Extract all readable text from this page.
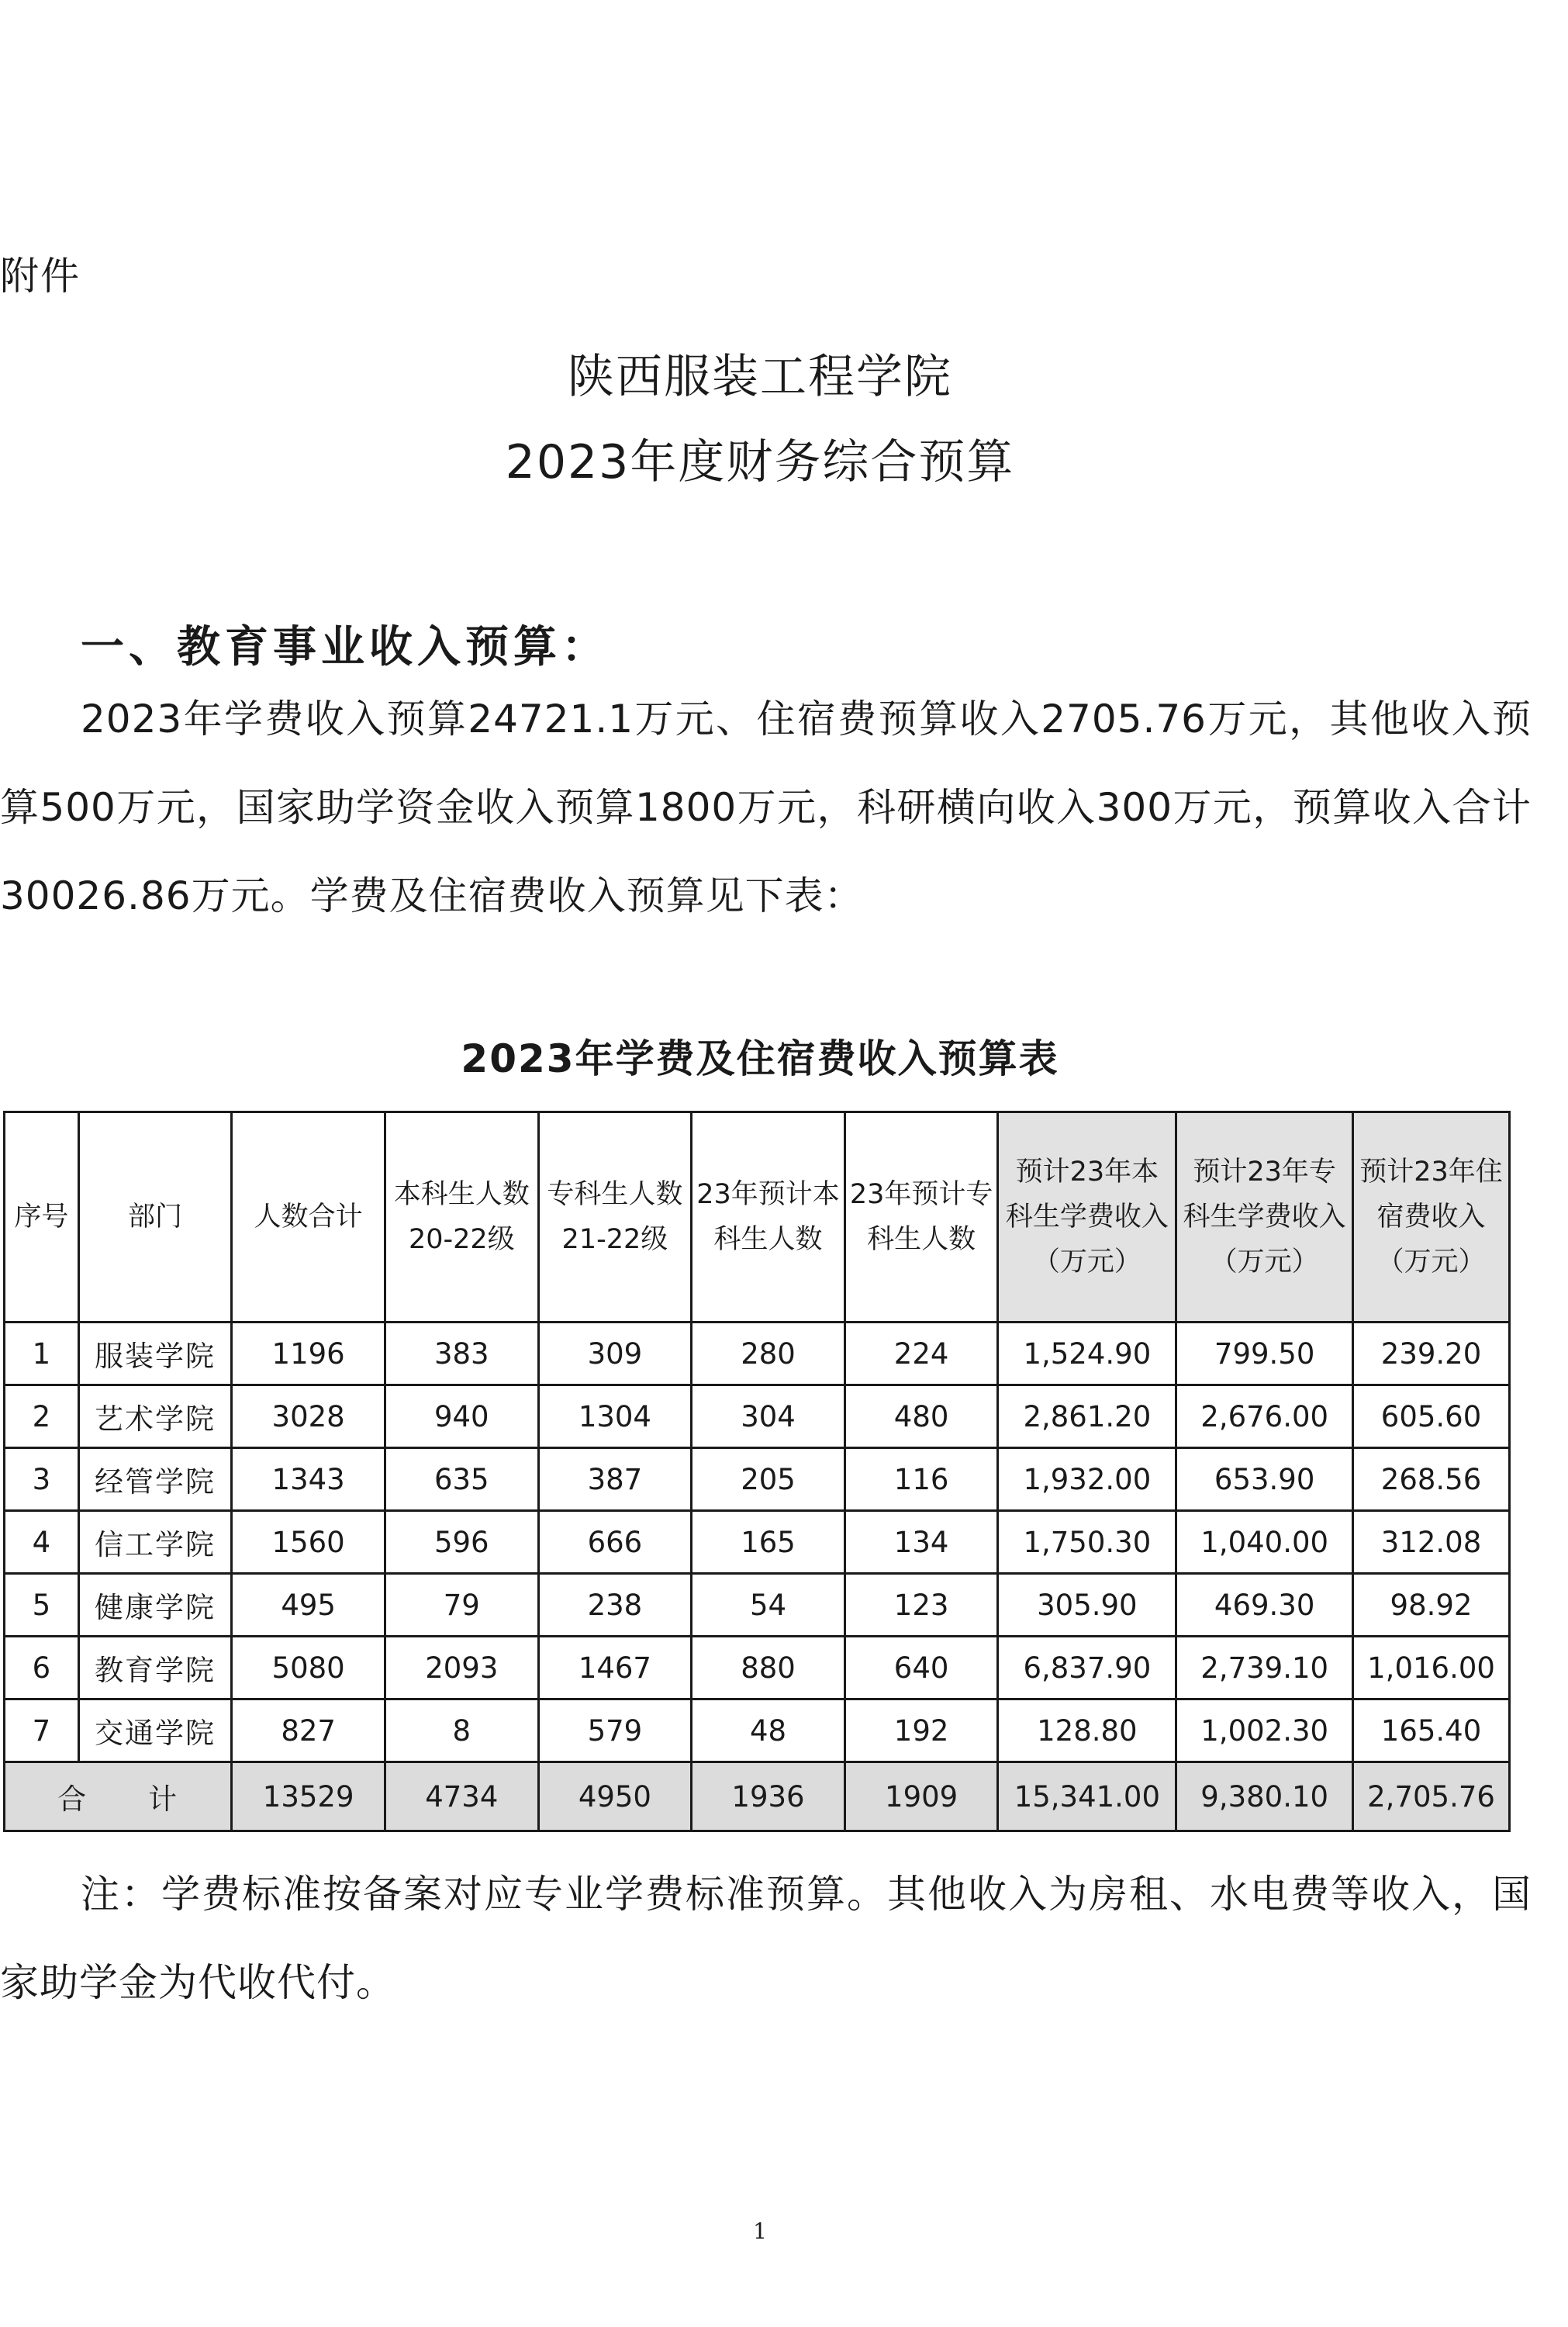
附件
陕西服装工程学院
2023年度财务综合预算
一、教育事业收入预算：
2023年学费收入预算24721.1万元、住宿费预算收入2705.76万元，其他收入预算500万元，国家助学资金收入预算1800万元，科研横向收入300万元，预算收入合计30026.86万元。学费及住宿费收入预算见下表：
2023年学费及住宿费收入预算表
序号	部门	人数合计	本科生人数20-22级	专科生人数21-22级	23年预计本科生人数	23年预计专科生人数	预计23年本科生学费收入（万元）	预计23年专科生学费收入（万元）	预计23年住宿费收入（万元）
1	服装学院	1196	383	309	280	224	1,524.90	799.50	239.20
2	艺术学院	3028	940	1304	304	480	2,861.20	2,676.00	605.60
3	经管学院	1343	635	387	205	116	1,932.00	653.90	268.56
4	信工学院	1560	596	666	165	134	1,750.30	1,040.00	312.08
5	健康学院	495	79	238	54	123	305.90	469.30	98.92
6	教育学院	5080	2093	1467	880	640	6,837.90	2,739.10	1,016.00
7	交通学院	827	8	579	48	192	128.80	1,002.30	165.40
合　　计		13529	4734	4950	1936	1909	15,341.00	9,380.10	2,705.76
注：学费标准按备案对应专业学费标准预算。其他收入为房租、水电费等收入，国家助学金为代收代付。
1
